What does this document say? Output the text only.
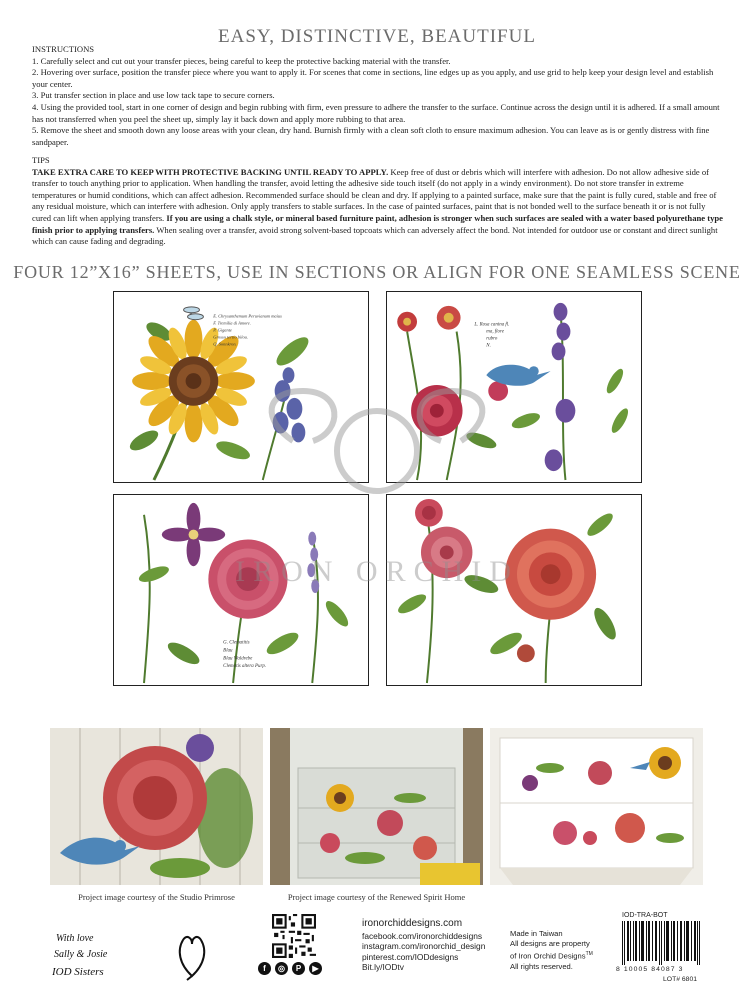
EASY, DISTINCTIVE, BEAUTIFUL
INSTRUCTIONS
1. Carefully select and cut out your transfer pieces, being careful to keep the protective backing material with the transfer.
2. Hovering over surface, position the transfer piece where you want to apply it. For scenes that come in sections, line edges up as you apply, and use grid to help keep your design level and establish your center.
3. Put transfer section in place and use low tack tape to secure corners.
4. Using the provided tool, start in one corner of design and begin rubbing with firm, even pressure to adhere the transfer to the surface. Continue across the design until it is adhered. If a small amount has not transferred when you peel the sheet up, simply lay it back down and apply more rubbing to that area.
5. Remove the sheet and smooth down any loose areas with your clean, dry hand. Burnish firmly with a clean soft cloth to ensure maximum adhesion. You can leave as is or gently distress with fine sandpaper.
TIPS
TAKE EXTRA CARE TO KEEP WITH PROTECTIVE BACKING UNTIL READY TO APPLY. Keep free of dust or debris which will interfere with adhesion. Do not allow adhesive side of transfer to touch anything prior to application. When handling the transfer, avoid letting the adhesive side touch itself (do not apply in a windy environment). Do not store transfer in extreme temperatures or humid conditions, which can affect adhesion. Recommended surface should be clean and dry. If applying to a painted surface, make sure that the paint is fully cured, stable and free of any residual moisture, which can interfere with adhesion. Only apply transfers to stable surfaces. In the case of painted surfaces, paint that is not bonded well to the surface beneath it or is not fully cured can lift when applying transfers. If you are using a chalk style, or mineral based furniture paint, adhesion is stronger when such surfaces are sealed with a water based polyurethane type finish prior to applying transfers. When sealing over a transfer, avoid strong solvent-based topcoats which can adversely affect the bond. Not intended for outdoor use or constant and direct sunlight which can cause fading and degrading.
FOUR 12”X16” SHEETS, USE IN SECTIONS OR ALIGN FOR ONE SEAMLESS SCENE
E. Chrysanthemum Peruvianum maius
F. Tremilia di Amore.
P. Gigante
Grosso tertio bilou.
Q. Sonnkron.
L. Rosa canina fl.
ma, flore
rubro
N.
G. Clematitis
Blau
Blau Waldrebe
Clematis altera Purp.
IRON ORCHID
Project image courtesy of the Studio Primrose	Project image courtesy of the Renewed Spirit Home
With love
Sally & Josie
IOD Sisters	f	◎	P	▶
ironorchiddesigns.com
facebook.com/ironorchiddesigns
instagram.com/ironorchid_design
pinterest.com/IODdesigns
Bit.ly/IODtv
Made in Taiwan
All designs are property
of Iron Orchid Designs™
All rights reserved.
IOD-TRA-BOT
8 10005 84087 3
LOT# 6801
